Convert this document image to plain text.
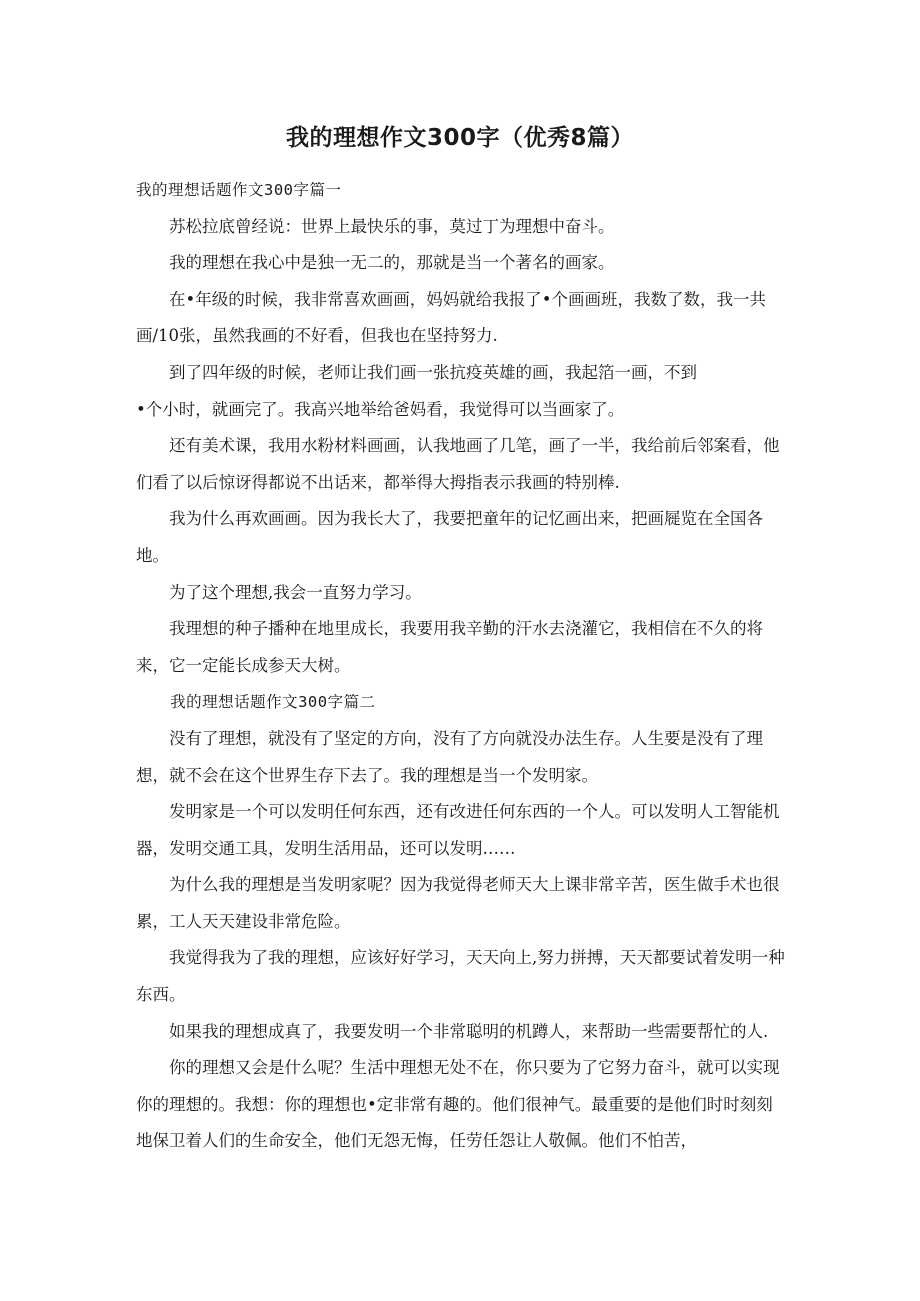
我的理想作文300字（优秀8篇）

我的理想话题作文300字篇一

苏松拉底曾经说：世界上最快乐的事，莫过丁为理想中奋斗。

我的理想在我心中是独一无二的，那就是当一个著名的画家。

在•年级的时候，我非常喜欢画画，妈妈就给我报了•个画画班，我数了数，我一共画/10张，虽然我画的不好看，但我也在坚持努力.

到了四年级的时候，老师让我们画一张抗疫英雄的画，我起箔一画，不到

•个小时，就画完了。我高兴地举给爸妈看，我觉得可以当画家了。

还有美术课，我用水粉材料画画，认我地画了几笔，画了一半，我给前后邻案看，他们看了以后惊讶得都说不出话来，都举得大拇指表示我画的特别棒.

我为什么再欢画画。因为我长大了，我要把童年的记忆画出来，把画屣览在全国各地。

为了这个理想,我会一直努力学习。

我理想的种子播种在地里成长，我要用我辛勤的汗水去浇灌它，我相信在不久的将来，它一定能长成参天大树。

我的理想话题作文300字篇二

没有了理想，就没有了坚定的方向，没有了方向就没办法生存。人生要是没有了理想，就不会在这个世界生存下去了。我的理想是当一个发明家。

发明家是一个可以发明任何东西，还有改进任何东西的一个人。可以发明人工智能机器，发明交通工具，发明生活用品，还可以发明……

为什么我的理想是当发明家呢？因为我觉得老师天大上课非常辛苦，医生做手术也很累，工人天天建设非常危险。

我觉得我为了我的理想，应该好好学习，天天向上,努力拼搏，天天都要试着发明一种东西。

如果我的理想成真了，我要发明一个非常聪明的机蹲人，来帮助一些需要帮忙的人.

你的理想又会是什么呢？生活中理想无处不在，你只要为了它努力奋斗，就可以实现你的理想的。我想：你的理想也•定非常有趣的。他们很神气。最重要的是他们时时刻刻地保卫着人们的生命安全，他们无怨无悔，任劳任怨让人敬佩。他们不怕苦，
